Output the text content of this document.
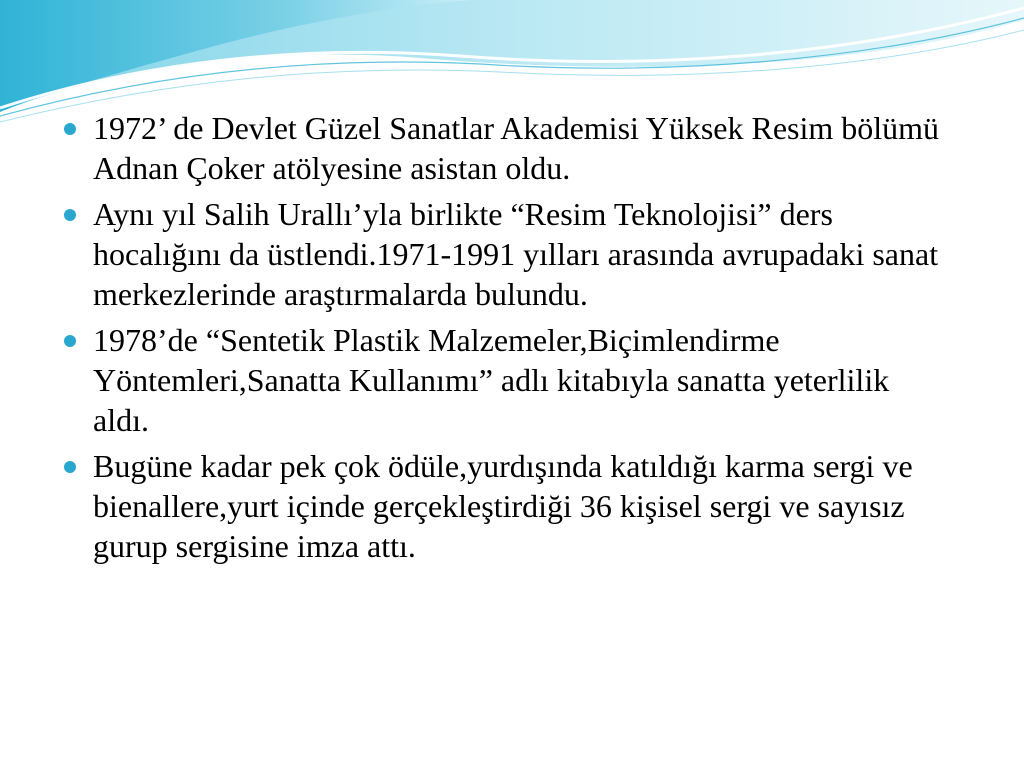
1972’ de Devlet Güzel Sanatlar Akademisi Yüksek Resim bölümü Adnan Çoker atölyesine asistan oldu.
Aynı yıl Salih Urallı’yla birlikte “Resim Teknolojisi” ders hocalığını da üstlendi.1971-1991 yılları arasında avrupadaki sanat merkezlerinde araştırmalarda bulundu.
1978’de “Sentetik Plastik Malzemeler,Biçimlendirme Yöntemleri,Sanatta Kullanımı” adlı kitabıyla sanatta yeterlilik aldı.
Bugüne kadar pek çok ödüle,yurdışında katıldığı karma sergi ve bienallere,yurt içinde gerçekleştirdiği 36 kişisel sergi ve sayısız gurup sergisine imza attı.
